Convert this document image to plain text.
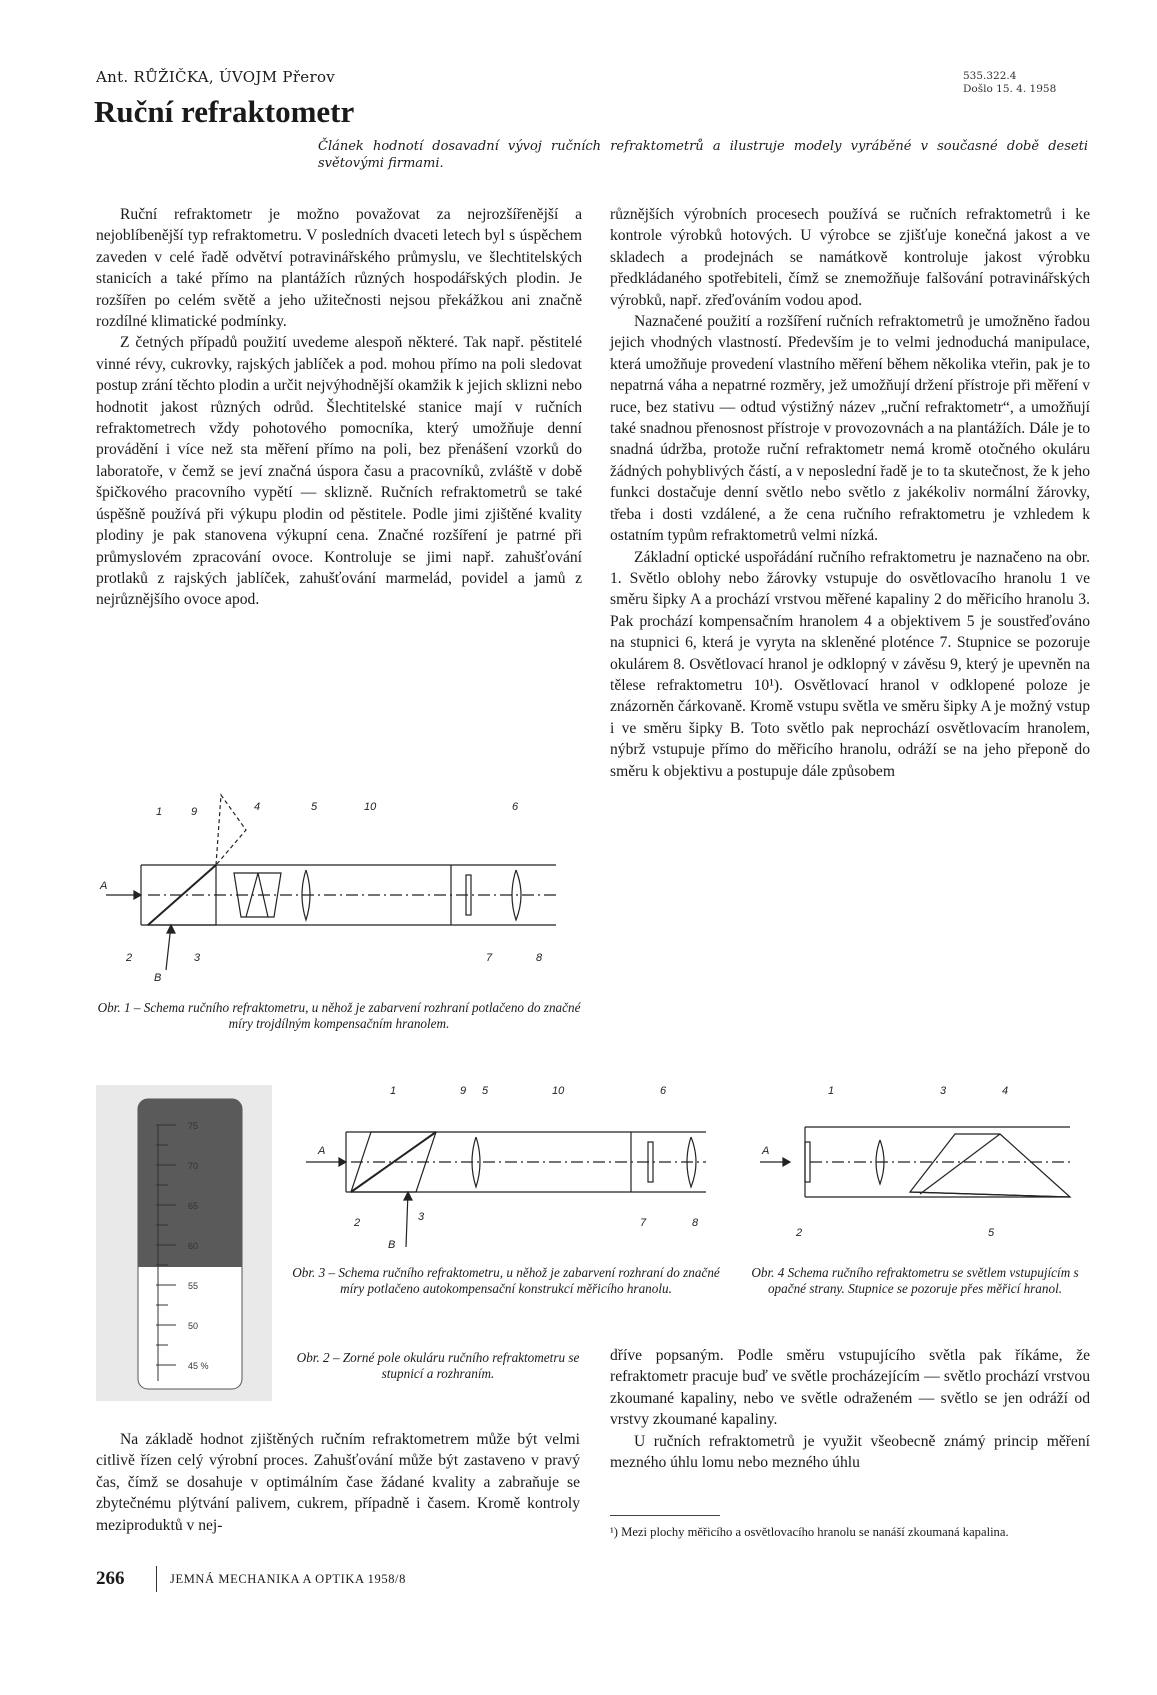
Ant. RŮŽIČKA, ÚVOJM Přerov
Ruční refraktometr
535.322.4
Došlo 15. 4. 1958
Článek hodnotí dosavadní vývoj ručních refraktometrů a ilustruje modely vyráběné v současné době deseti světovými firmami.

Ruční refraktometr je možno považovat za nejrozšířenější a nejoblíbenější typ refraktometru. V posledních dvaceti letech byl s úspěchem zaveden v celé řadě odvětví potravinářského průmyslu, ve šlechtitelských stanicích a také přímo na plantážích různých hospodářských plodin. Je rozšířen po celém světě a jeho užitečnosti nejsou překážkou ani značně rozdílné klimatické podmínky.

Z četných případů použití uvedeme alespoň některé. Tak např. pěstitelé vinné révy, cukrovky, rajských jablíček a pod. mohou přímo na poli sledovat postup zrání těchto plodin a určit nejvýhodnější okamžik k jejich sklizni nebo hodnotit jakost různých odrůd. Šlechtitelské stanice mají v ručních refraktometrech vždy pohotového pomocníka, který umožňuje denní provádění i více než sta měření přímo na poli, bez přenášení vzorků do laboratoře, v čemž se jeví značná úspora času a pracovníků, zvláště v době špičkového pracovního vypětí — sklizně. Ručních refraktometrů se také úspěšně používá při výkupu plodin od pěstitele. Podle jimi zjištěné kvality plodiny je pak stanovena výkupní cena. Značné rozšíření je patrné při průmyslovém zpracování ovoce. Kontroluje se jimi např. zahušťování protlaků z rajských jablíček, zahušťování marmelád, povidel a jamů z nejrůznějšího ovoce apod.

různějších výrobních procesech používá se ručních refraktometrů i ke kontrole výrobků hotových. U výrobce se zjišťuje konečná jakost a ve skladech a prodejnách se namátkově kontroluje jakost výrobku předkládaného spotřebiteli, čímž se znemožňuje falšování potravinářských výrobků, např. zřeďováním vodou apod.

Naznačené použití a rozšíření ručních refraktometrů je umožněno řadou jejich vhodných vlastností. Především je to velmi jednoduchá manipulace, která umožňuje provedení vlastního měření během několika vteřin, pak je to nepatrná váha a nepatrné rozměry, jež umožňují držení přístroje při měření v ruce, bez stativu — odtud výstižný název „ruční refraktometr“, a umožňují také snadnou přenosnost přístroje v provozovnách a na plantážích. Dále je to snadná údržba, protože ruční refraktometr nemá kromě otočného okuláru žádných pohyblivých částí, a v neposlední řadě je to ta skutečnost, že k jeho funkci dostačuje denní světlo nebo světlo z jakékoliv normální žárovky, třeba i dosti vzdálené, a že cena ručního refraktometru je vzhledem k ostatním typům refraktometrů velmi nízká.

Základní optické uspořádání ručního refraktometru je naznačeno na obr. 1. Světlo oblohy nebo žárovky vstupuje do osvětlovacího hranolu 1 ve směru šipky A a prochází vrstvou měřené kapaliny 2 do měřicího hranolu 3. Pak prochází kompensačním hranolem 4 a objektivem 5 je soustřeďováno na stupnici 6, která je vyryta na skleněné ploténce 7. Stupnice se pozoruje okulárem 8. Osvětlovací hranol je odklopný v závěsu 9, který je upevněn na tělese refraktometru 10¹). Osvětlovací hranol v odklopené poloze je znázorněn čárkovaně. Kromě vstupu světla ve směru šipky A je možný vstup i ve směru šipky B. Toto světlo pak neprochází osvětlovacím hranolem, nýbrž vstupuje přímo do měřicího hranolu, odráží se na jeho přeponě do směru k objektivu a postupuje dále způsobem

1	9	4	5	10	6
A
2	3
B
7	8
Obr. 1 – Schema ručního refraktometru, u něhož je zabarvení rozhraní potlačeno do značné míry trojdílným kompensačním hranolem.
75
70
65
60
55
50
45 %
Obr. 2 – Zorné pole okuláru ručního refraktometru se stupnicí a rozhraním.
1	9 5	10	6
A
2	3
B
7	8
Obr. 3 – Schema ručního refraktometru, u něhož je zabarvení rozhraní do značné míry potlačeno autokompensační konstrukcí měřicího hranolu.
1	3	4
A
2	5
Obr. 4 Schema ručního refraktometru se světlem vstupujícím s opačné strany. Stupnice se pozoruje přes měřicí hranol.

Na základě hodnot zjištěných ručním refraktometrem může být velmi citlivě řízen celý výrobní proces. Zahušťování může být zastaveno v pravý čas, čímž se dosahuje v optimálním čase žádané kvality a zabraňuje se zbytečnému plýtvání palivem, cukrem, případně i časem. Kromě kontroly meziproduktů v nej-

dříve popsaným. Podle směru vstupujícího světla pak říkáme, že refraktometr pracuje buď ve světle procházejícím — světlo prochází vrstvou zkoumané kapaliny, nebo ve světle odraženém — světlo se jen odráží od vrstvy zkoumané kapaliny.

U ručních refraktometrů je využit všeobecně známý princip měření mezného úhlu lomu nebo mezného úhlu

¹) Mezi plochy měřicího a osvětlovacího hranolu se nanáší zkoumaná kapalina.
266	JEMNÁ MECHANIKA A OPTIKA 1958/8
